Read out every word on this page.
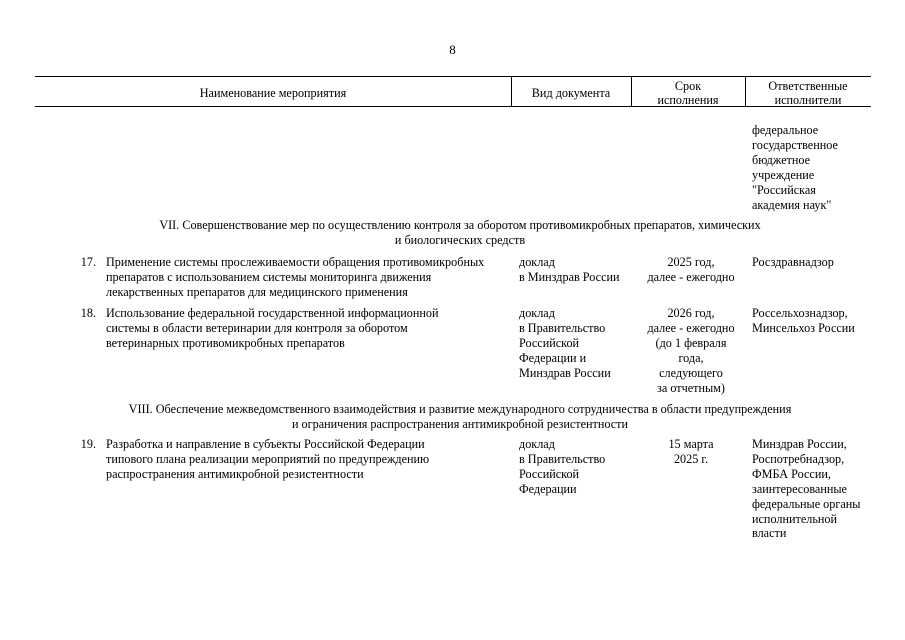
8
Наименование мероприятия	Вид документа	Срок
исполнения
Ответственные
исполнители
федеральное
государственное
бюджетное
учреждение
"Российская
академия наук"
VII. Совершенствование мер по осуществлению контроля за оборотом противомикробных препаратов, химических
и биологических средств
17. Применение системы прослеживаемости обращения противомикробных
препаратов с использованием системы мониторинга движения
лекарственных препаратов для медицинского применения
доклад
в Минздрав России
2025 год,
далее - ежегодно
Росздравнадзор
18. Использование федеральной государственной информационной
системы в области ветеринарии для контроля за оборотом
ветеринарных противомикробных препаратов
доклад
в Правительство
Российской
Федерации и
Минздрав России
2026 год,
далее - ежегодно
(до 1 февраля
года,
следующего
за отчетным)
Россельхознадзор,
Минсельхоз России
VIII. Обеспечение межведомственного взаимодействия и развитие международного сотрудничества в области предупреждения
и ограничения распространения антимикробной резистентности
19. Разработка и направление в субъекты Российской Федерации
типового плана реализации мероприятий по предупреждению
распространения антимикробной резистентности
доклад
в Правительство
Российской
Федерации
15 марта
2025 г.
Минздрав России,
Роспотребнадзор,
ФМБА России,
заинтересованные
федеральные органы
исполнительной
власти
